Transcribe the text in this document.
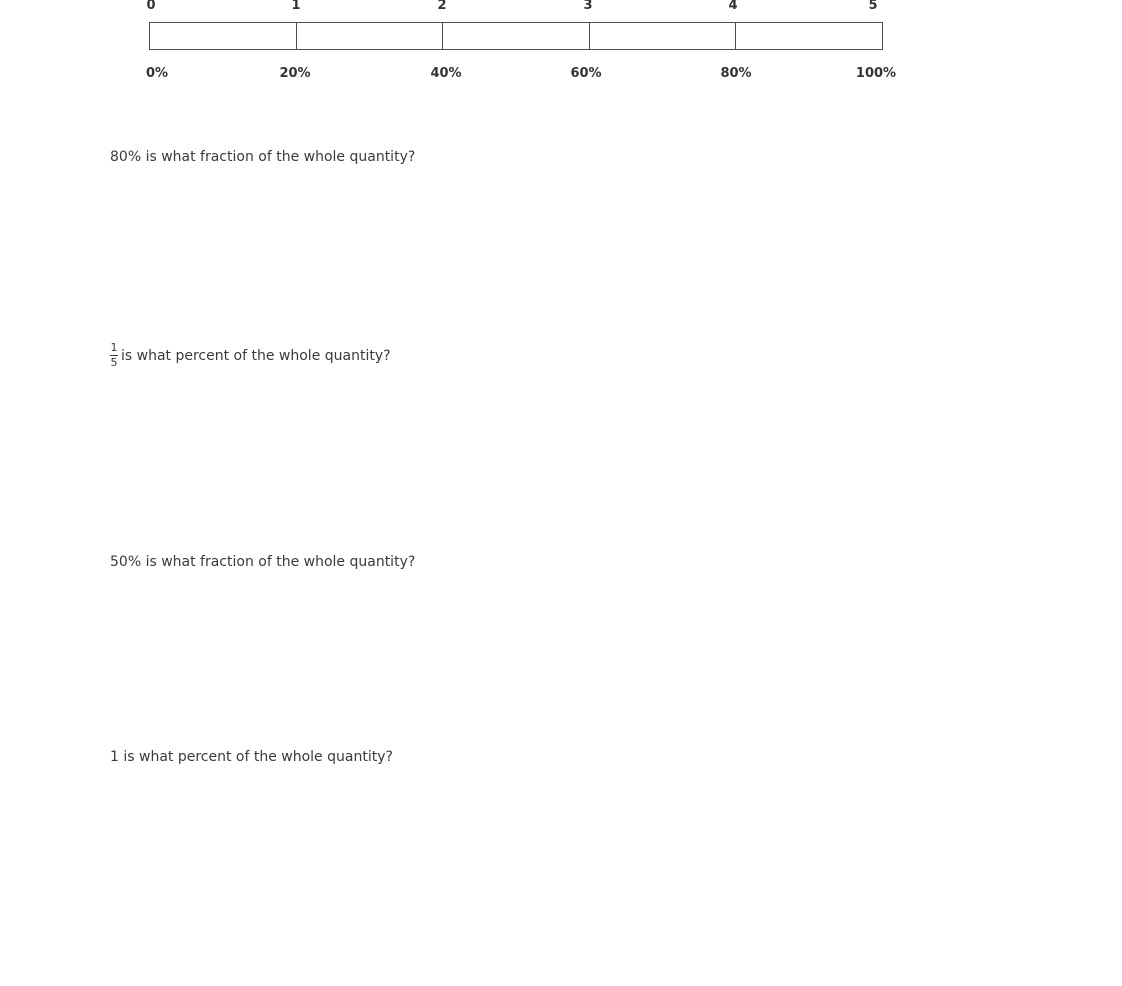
0	1	2	3	4	5
0%	20%	40%	60%	80%	100%
80% is what fraction of the whole quantity?
$\frac{1}{5}$ is what percent of the whole quantity?
50% is what fraction of the whole quantity?
1 is what percent of the whole quantity?
